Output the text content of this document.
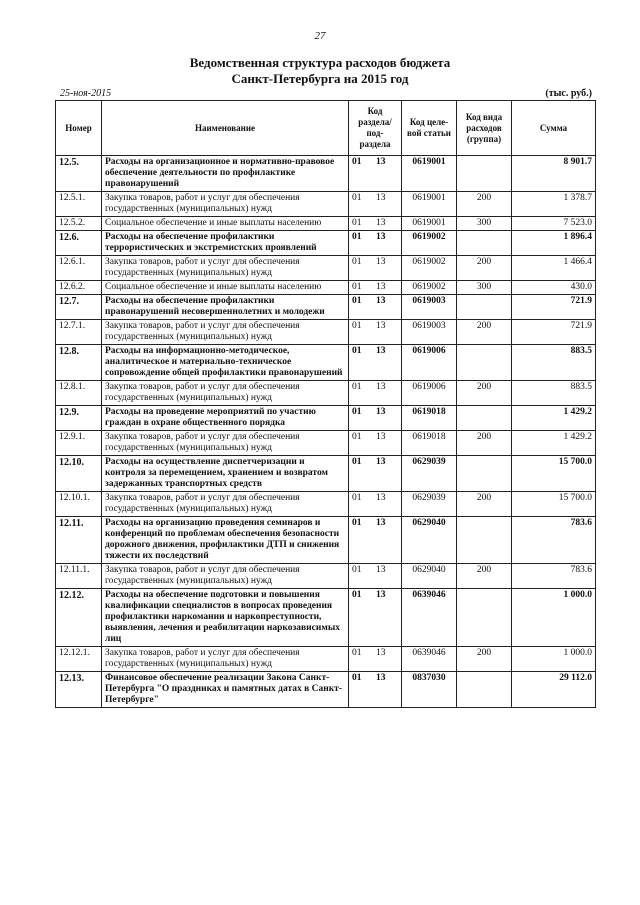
27
Ведомственная структура расходов бюджета
Санкт-Петербурга на 2015 год
25-ноя-2015	(тыс. руб.)
Номер	Наименование	Код раздела/ под- раздела	Код целе- вой статьи	Код вида расходов (группа)	Сумма
12.5.	Расходы на организационное и нормативно-правовое обеспечение деятельности по профилактике правонарушений	01 13	0619001		8 901.7
12.5.1.	Закупка товаров, работ и услуг для обеспечения государственных (муниципальных) нужд	01 13	0619001	200	1 378.7
12.5.2.	Социальное обеспечение и иные выплаты населению	01 13	0619001	300	7 523.0
12.6.	Расходы на обеспечение профилактики террористических и экстремистских проявлений	01 13	0619002		1 896.4
12.6.1.	Закупка товаров, работ и услуг для обеспечения государственных (муниципальных) нужд	01 13	0619002	200	1 466.4
12.6.2.	Социальное обеспечение и иные выплаты населению	01 13	0619002	300	430.0
12.7.	Расходы на обеспечение профилактики правонарушений несовершеннолетних и молодежи	01 13	0619003		721.9
12.7.1.	Закупка товаров, работ и услуг для обеспечения государственных (муниципальных) нужд	01 13	0619003	200	721.9
12.8.	Расходы на информационно-методическое, аналитическое и материально-техническое сопровождение общей профилактики правонарушений	01 13	0619006		883.5
12.8.1.	Закупка товаров, работ и услуг для обеспечения государственных (муниципальных) нужд	01 13	0619006	200	883.5
12.9.	Расходы на проведение мероприятий по участию граждан в охране общественного порядка	01 13	0619018		1 429.2
12.9.1.	Закупка товаров, работ и услуг для обеспечения государственных (муниципальных) нужд	01 13	0619018	200	1 429.2
12.10.	Расходы на осуществление диспетчеризации и контроля за перемещением, хранением и возвратом задержанных транспортных средств	01 13	0629039		15 700.0
12.10.1.	Закупка товаров, работ и услуг для обеспечения государственных (муниципальных) нужд	01 13	0629039	200	15 700.0
12.11.	Расходы на организацию проведения семинаров и конференций по проблемам обеспечения безопасности дорожного движения, профилактики ДТП и снижения тяжести их последствий	01 13	0629040		783.6
12.11.1.	Закупка товаров, работ и услуг для обеспечения государственных (муниципальных) нужд	01 13	0629040	200	783.6
12.12.	Расходы на обеспечение подготовки и повышения квалификации специалистов в вопросах проведения профилактики наркомании и наркопреступности, выявления, лечения и реабилитации наркозависимых лиц	01 13	0639046		1 000.0
12.12.1.	Закупка товаров, работ и услуг для обеспечения государственных (муниципальных) нужд	01 13	0639046	200	1 000.0
12.13.	Финансовое обеспечение реализации Закона Санкт-Петербурга "О праздниках и памятных датах в Санкт-Петербурге"	01 13	0837030		29 112.0
